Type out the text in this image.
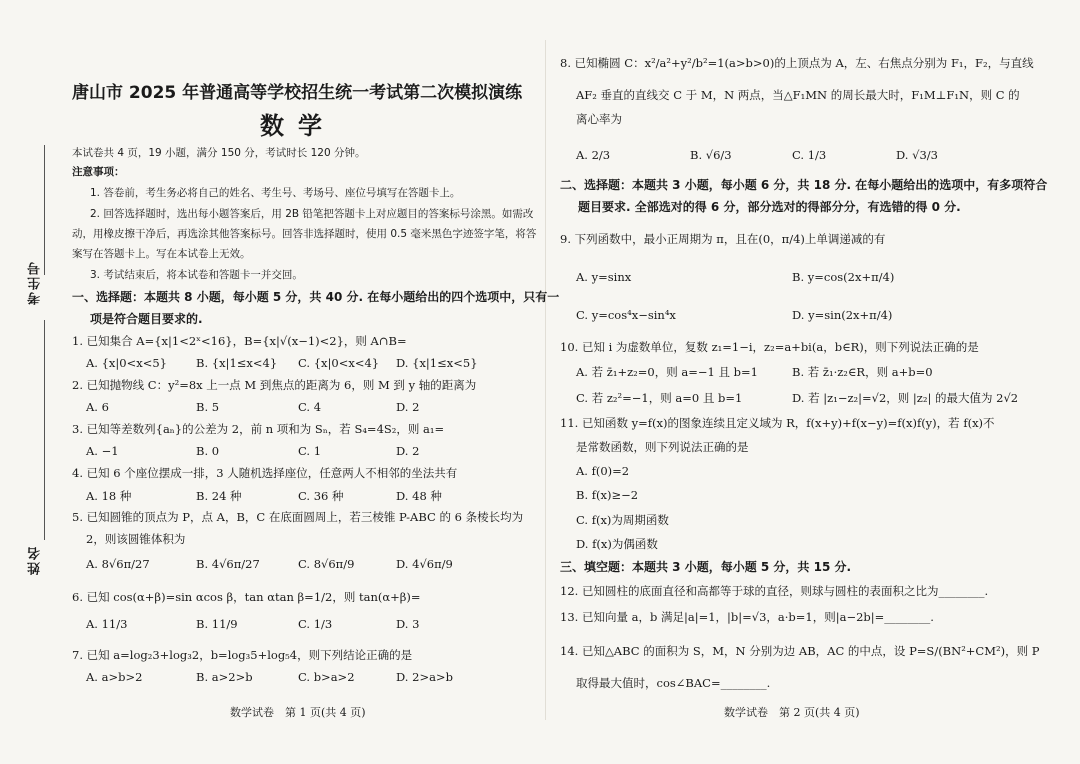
考生号
姓名
唐山市 2025 年普通高等学校招生统一考试第二次模拟演练
数学
本试卷共 4 页，19 小题，满分 150 分，考试时长 120 分钟。
注意事项：
1. 答卷前，考生务必将自己的姓名、考生号、考场号、座位号填写在答题卡上。
2. 回答选择题时，选出每小题答案后，用 2B 铅笔把答题卡上对应题目的答案标号涂黑。如需改
动，用橡皮擦干净后，再选涂其他答案标号。回答非选择题时，使用 0.5 毫米黑色字迹签字笔，将答
案写在答题卡上。写在本试卷上无效。
3. 考试结束后，将本试卷和答题卡一并交回。
一、选择题：本题共 8 小题，每小题 5 分，共 40 分. 在每小题给出的四个选项中，只有一
项是符合题目要求的.
1. 已知集合 A={x|1<2ˣ<16}，B={x|√(x−1)<2}，则 A∩B=
A. {x|0<x<5}	B. {x|1≤x<4} C. {x|0<x<4} D. {x|1≤x<5}
2. 已知抛物线 C：y²=8x 上一点 M 到焦点的距离为 6，则 M 到 y 轴的距离为
A. 6	B. 5	C. 4	D. 2
3. 已知等差数列{aₙ}的公差为 2，前 n 项和为 Sₙ，若 S₄=4S₂，则 a₁=
A. −1	B. 0	C. 1	D. 2
4. 已知 6 个座位摆成一排，3 人随机选择座位，任意两人不相邻的坐法共有
A. 18 种	B. 24 种	C. 36 种	D. 48 种
5. 已知圆锥的顶点为 P，点 A，B，C 在底面圆周上，若三棱锥 P-ABC 的 6 条棱长均为
2，则该圆锥体积为
A. 8√6π/27	B. 4√6π/27	C. 8√6π/9	D. 4√6π/9
6. 已知 cos(α+β)=sin αcos β，tan αtan β=1/2，则 tan(α+β)=
A. 11/3	B. 11/9	C. 1/3	D. 3
7. 已知 a=log₂3+log₃2，b=log₃5+log₅4，则下列结论正确的是
A. a>b>2	B. a>2>b	C. b>a>2	D. 2>a>b
数学试卷　第 1 页(共 4 页)
8. 已知椭圆 C：x²/a²+y²/b²=1(a>b>0)的上顶点为 A，左、右焦点分别为 F₁，F₂，与直线
AF₂ 垂直的直线交 C 于 M，N 两点，当△F₁MN 的周长最大时，F₁M⊥F₁N，则 C 的
离心率为
A. 2/3	B. √6/3	C. 1/3	D. √3/3
二、选择题：本题共 3 小题，每小题 6 分，共 18 分. 在每小题给出的选项中，有多项符合
题目要求. 全部选对的得 6 分，部分选对的得部分分，有选错的得 0 分.
9. 下列函数中，最小正周期为 π，且在(0，π/4)上单调递减的有
A. y=sinx	B. y=cos(2x+π/4)
C. y=cos⁴x−sin⁴x	D. y=sin(2x+π/4)
10. 已知 i 为虚数单位，复数 z₁=1−i，z₂=a+bi(a，b∈R)，则下列说法正确的是
A. 若 z̄₁+z₂=0，则 a=−1 且 b=1	B. 若 z̄₁·z₂∈R，则 a+b=0
C. 若 z₂²=−1，则 a=0 且 b=1	D. 若 |z₁−z₂|=√2，则 |z₂| 的最大值为 2√2
11. 已知函数 y=f(x)的图象连续且定义域为 R，f(x+y)+f(x−y)=f(x)f(y)，若 f(x)不
是常数函数，则下列说法正确的是
A. f(0)=2
B. f(x)≥−2
C. f(x)为周期函数
D. f(x)为偶函数
三、填空题：本题共 3 小题，每小题 5 分，共 15 分.
12. 已知圆柱的底面直径和高都等于球的直径，则球与圆柱的表面积之比为________.
13. 已知向量 a，b 满足|a|=1，|b|=√3，a·b=1，则|a−2b|=________.
14. 已知△ABC 的面积为 S，M，N 分别为边 AB，AC 的中点，设 P=S/(BN²+CM²)，则 P
取得最大值时，cos∠BAC=________.
数学试卷　第 2 页(共 4 页)
